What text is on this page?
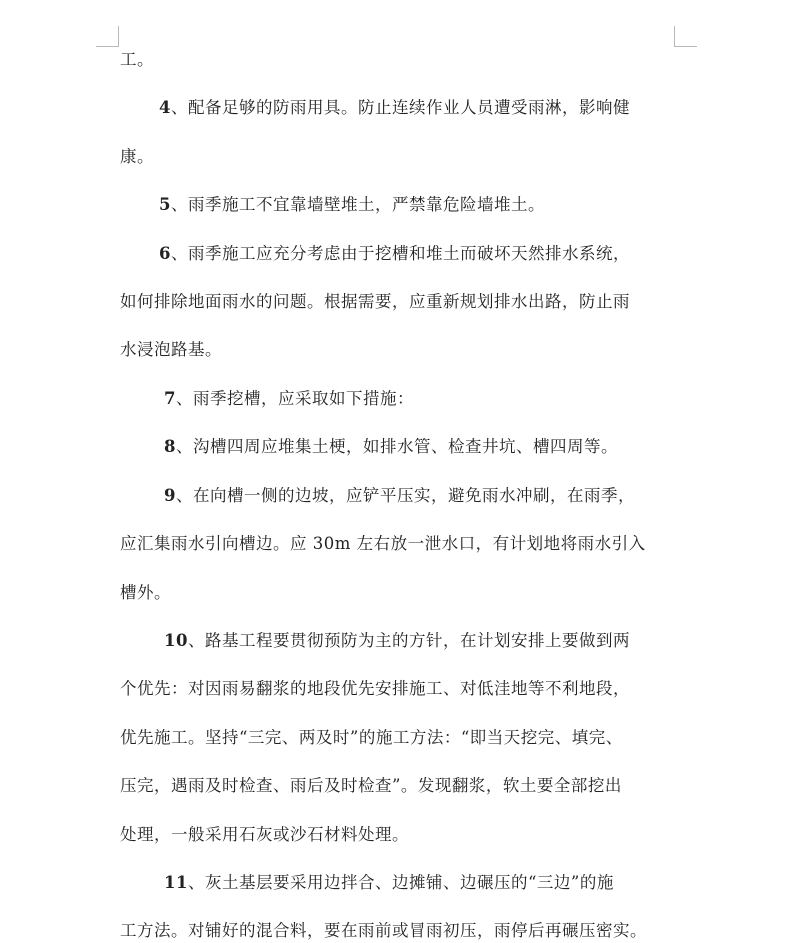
工。
4、配备足够的防雨用具。防止连续作业人员遭受雨淋，影响健
康。
5、雨季施工不宜靠墙壁堆土，严禁靠危险墙堆土。
6、雨季施工应充分考虑由于挖槽和堆土而破坏天然排水系统，
如何排除地面雨水的问题。根据需要，应重新规划排水出路，防止雨
水浸泡路基。
7、雨季挖槽，应采取如下措施：
8、沟槽四周应堆集土梗，如排水管、检查井坑、槽四周等。
9、在向槽一侧的边坡，应铲平压实，避免雨水冲刷，在雨季，
应汇集雨水引向槽边。应 30m 左右放一泄水口，有计划地将雨水引入
槽外。
10、路基工程要贯彻预防为主的方针，在计划安排上要做到两
个优先：对因雨易翻浆的地段优先安排施工、对低洼地等不利地段，
优先施工。坚持“三完、两及时”的施工方法：“即当天挖完、填完、
压完，遇雨及时检查、雨后及时检查”。发现翻浆，软土要全部挖出
处理，一般采用石灰或沙石材料处理。
11、灰土基层要采用边拌合、边摊铺、边碾压的“三边”的施
工方法。对铺好的混合料，要在雨前或冒雨初压，雨停后再碾压密实。
